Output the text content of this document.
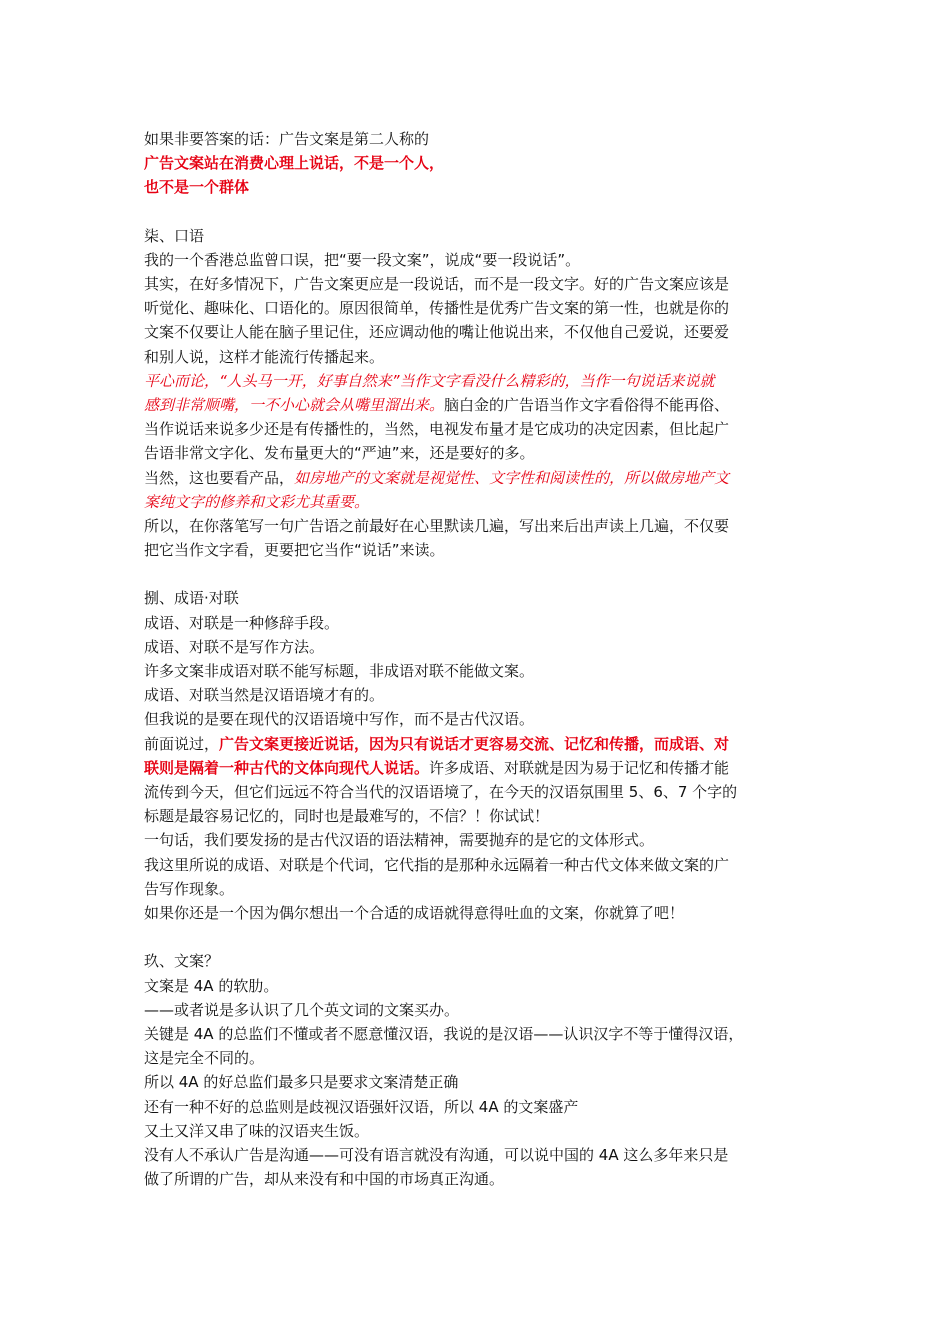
如果非要答案的话：广告文案是第二人称的

广告文案站在消费心理上说话，不是一个人，

也不是一个群体

柒、口语

我的一个香港总监曾口误，把“要一段文案”，说成“要一段说话”。

其实，在好多情况下，广告文案更应是一段说话，而不是一段文字。好的广告文案应该是

听觉化、趣味化、口语化的。原因很简单，传播性是优秀广告文案的第一性，也就是你的

文案不仅要让人能在脑子里记住，还应调动他的嘴让他说出来，不仅他自己爱说，还要爱

和别人说，这样才能流行传播起来。

平心而论，“人头马一开，好事自然来”当作文字看没什么精彩的，当作一句说话来说就

感到非常顺嘴，一不小心就会从嘴里溜出来。脑白金的广告语当作文字看俗得不能再俗、

当作说话来说多少还是有传播性的，当然，电视发布量才是它成功的决定因素，但比起广

告语非常文字化、发布量更大的“严迪”来，还是要好的多。

当然，这也要看产品，如房地产的文案就是视觉性、文字性和阅读性的，所以做房地产文

案纯文字的修养和文彩尤其重要。

所以，在你落笔写一句广告语之前最好在心里默读几遍，写出来后出声读上几遍，不仅要

把它当作文字看，更要把它当作“说话”来读。

捌、成语·对联

成语、对联是一种修辞手段。

成语、对联不是写作方法。

许多文案非成语对联不能写标题，非成语对联不能做文案。

成语、对联当然是汉语语境才有的。

但我说的是要在现代的汉语语境中写作，而不是古代汉语。

前面说过，广告文案更接近说话，因为只有说话才更容易交流、记忆和传播，而成语、对

联则是隔着一种古代的文体向现代人说话。许多成语、对联就是因为易于记忆和传播才能

流传到今天，但它们远远不符合当代的汉语语境了，在今天的汉语氛围里 5、6、7 个字的

标题是最容易记忆的，同时也是最难写的，不信？！你试试！

一句话，我们要发扬的是古代汉语的语法精神，需要抛弃的是它的文体形式。

我这里所说的成语、对联是个代词，它代指的是那种永远隔着一种古代文体来做文案的广

告写作现象。

如果你还是一个因为偶尔想出一个合适的成语就得意得吐血的文案，你就算了吧！

玖、文案？

文案是 4A 的软肋。

——或者说是多认识了几个英文词的文案买办。

关键是 4A 的总监们不懂或者不愿意懂汉语，我说的是汉语——认识汉字不等于懂得汉语，

这是完全不同的。

所以 4A 的好总监们最多只是要求文案清楚正确

还有一种不好的总监则是歧视汉语强奸汉语，所以 4A 的文案盛产

又土又洋又串了味的汉语夹生饭。

没有人不承认广告是沟通——可没有语言就没有沟通，可以说中国的 4A 这么多年来只是

做了所谓的广告，却从来没有和中国的市场真正沟通。
